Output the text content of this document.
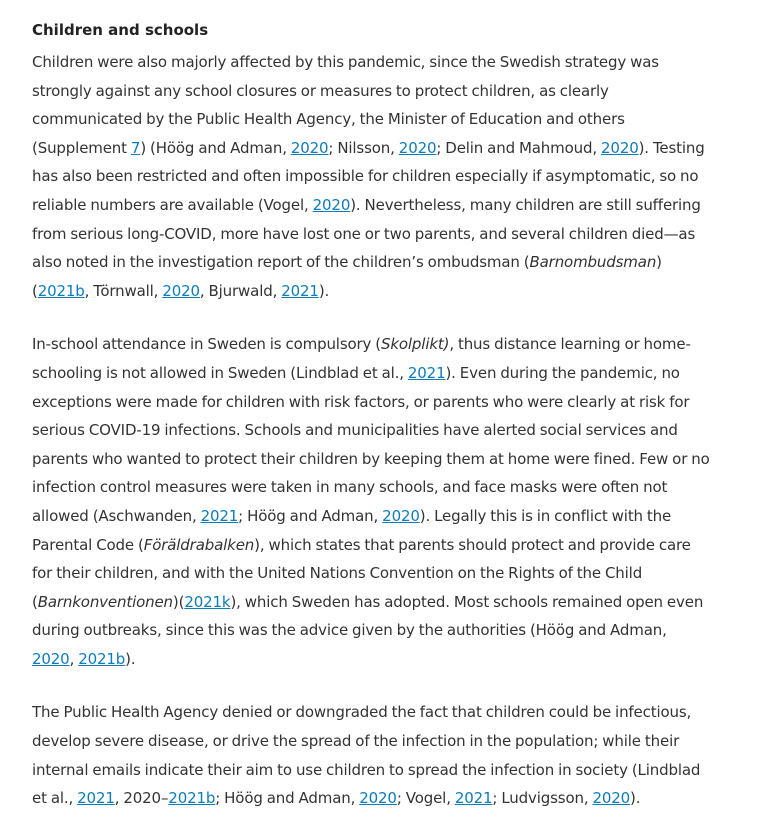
Children and schools

Children were also majorly affected by this pandemic, since the Swedish strategy was strongly against any school closures or measures to protect children, as clearly communicated by the Public Health Agency, the Minister of Education and others (Supplement 7) (Höög and Adman, 2020; Nilsson, 2020; Delin and Mahmoud, 2020). Testing has also been restricted and often impossible for children especially if asymptomatic, so no reliable numbers are available (Vogel, 2020). Nevertheless, many children are still suffering from serious long-COVID, more have lost one or two parents, and several children died—as also noted in the investigation report of the children’s ombudsman (Barnombudsman) (2021b, Törnwall, 2020, Bjurwald, 2021).

In-school attendance in Sweden is compulsory (Skolplikt), thus distance learning or home-schooling is not allowed in Sweden (Lindblad et al., 2021). Even during the pandemic, no exceptions were made for children with risk factors, or parents who were clearly at risk for serious COVID-19 infections. Schools and municipalities have alerted social services and parents who wanted to protect their children by keeping them at home were fined. Few or no infection control measures were taken in many schools, and face masks were often not allowed (Aschwanden, 2021; Höög and Adman, 2020). Legally this is in conflict with the Parental Code (Föräldrabalken), which states that parents should protect and provide care for their children, and with the United Nations Convention on the Rights of the Child (Barnkonventionen)(2021k), which Sweden has adopted. Most schools remained open even during outbreaks, since this was the advice given by the authorities (Höög and Adman, 2020, 2021b).

The Public Health Agency denied or downgraded the fact that children could be infectious, develop severe disease, or drive the spread of the infection in the population; while their internal emails indicate their aim to use children to spread the infection in society (Lindblad et al., 2021, 2020–2021b; Höög and Adman, 2020; Vogel, 2021; Ludvigsson, 2020).
